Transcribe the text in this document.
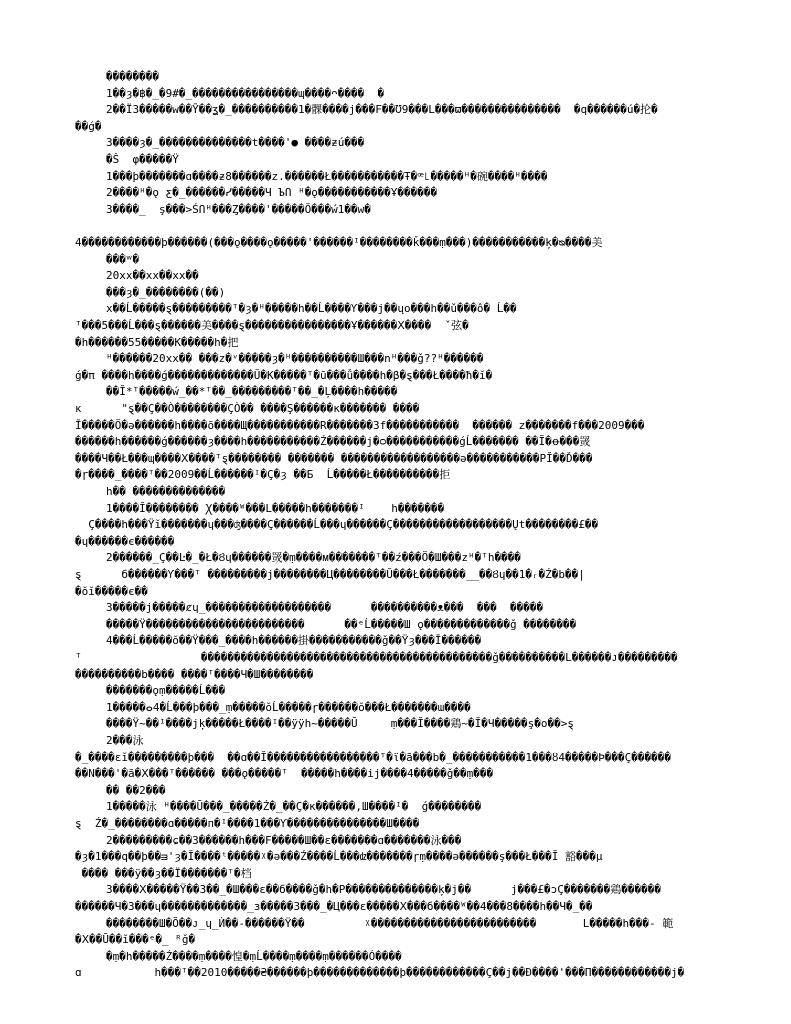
��������
1��ȝ�฿�_�9#�_����������������ɰ����ᴖ����  �
2��Ϊ3�����ᴡ��Ῡ��ʓ�_����������1�髁����j���Ϝ��Ʊ9���L���ϖ���������������  �q������ú�抡�
��ǵ�
3����ȝ�_��������������t����'● ����ƶú���
�Ŝ  φ�����Ÿ
1���þ�������ɑ����ƶ8������ᴢ.������Ł�����������Ŧ�ꟹ꜖�����ᴴ�碗����ᴴ����
2����ᴴ�ǫ ƹ�_������ᓯ�����Ч ЪՈ ᴴ�ǫ�����������Ұ������
3����_  ş���>ŚՈᴴ���Ȥ����'�����Ŏ���ẃ1��ᴡ�
4������������þ������(���ǫ����ǫ�����'������ᴵ��������ǩ���ṃ���)�����������ķ�ᴓ����美
���ʷ�
20xx��xx��xx��
���ȝ�_��������(��)
x��Ĺ�����ȿ���������ᵀ�ȝ�ᴴ�����h��Ĺ����Ƴ���j��ųo���h��ǔ���ô� Ĺ��
ᵀ���5���Ĺ���ȿ������美����ȿ����������������Ұ������Ⅹ����  ˇ弦�
�h������55�����K�����h�把
ᴴ������20xx�� ���z�ᵛ�����ȝ�ᴴ����������Ш���nᴴ���ǧ??ᴴ������
ǵ�π ����h����ǵ�������������Ŭ�K�����ᵀ�ū���ǚ����h�β�ȿ���Ł����ħ�ĭ�
��Ĭ*ᵀ�����ẃ_��*ᵀ��_���������ᵀ��_�Ļ����h�����
ᴋ      "ȿ��Ç��Ò��������ÇÒ�� ����Ş������ĸ������� ����
Ī�����Ö�ə������h����õ����Щ�����������R�������3f�����������  ������ ᴢ�������f���2009���
������h������ǵ������ȝ����h�����������Ź������j�ᴑ�����������ǵĹ������� ��Ĩ�ꝋ���罭
����Ч��Ł���ɰ����Ⅹ����ᵀȿ�������� ������� ������������������ǝ�����������PĬ��Ď���
�ɼ����_����ᵀ��2009��Ĺ������ᴵ�Ç�ȝ ��Ƃ  Ĺ�����Ł����������拒
h�� ��������������
1����Ĭ�������� Ꭓ����ᵂ���L�����h�������ᴵ    h�������
Ç����h���Ÿĭ�������ɥ���ʤ����Ç������Ĺ���ɥ������Ç������������������Ųt��������£��
�ɥ������є������
2������_Ç��Ŀ�_�Ł�Ȣɥ������罭�ṃ����ᴍ�������ᵀ��ź���Ö�Ш���zᴴ�ᵀh����
ȿ      б������Ƴ���ᵀ ���������j��������Ц��������Ŭ���Ł�������__��Ȣɥ��1�ᵣ�Ź�b��|
�ŏĭ�����є��
3�����j�����ȼɥ_�������������������      ����������ᴥ���  ���  �����
�����Ÿ������������������������      ��ᵉĹ�����Ш ǫ�������������ǧ ��������
4���Ĺ�����ŏ��Ÿ���_����h������掛�����������ǧ��Ÿȝ���Ī������
ᵀ                  ��������������������������������������������ǧ����������L������ᴊ���������
����������b���� ����ᵀ����Ч�Ш��������
�������ǫṃ�����Ĺ���
1�����ⴰ4�Ĺ���þ���_ṃ�����ŏĹ�����ɼ������ŏ���Ł�������ɯ����
����Ÿ~��ᴵ����jķ�����Ł����ᴵ��ÿÿh~�����Ū     ṃ���Ĭ����鶏~�Ĭ�Ч�����ş�o��>ȿ
2���泳
�_����ɛĭ���������þ���  ��ɑ��Ĭ�����������������ᵀ�ϊ�ã���b�_�����������1���ȣ4�����Þ���Ç������
��N���'�ã�Ⅹ���ᵀ������ ���ǫ�����ᵀ  �����h����ij����4�����ǧ��ṃ���
�� ��2���
1�����泳 ᴴ����Ū���_�����Ź�_��Ç�ĸ������,Ш����ᴵ�  ǵ��������
ȿ  Ź�_��������ɑ�����ᴨ�ᴵ����1���Ƴ���������������Ш����
2���������ɕ��3������h���Ϝ�����Ш��ɛ�������ɑ�������泳���
�ȝ�1���q��þ��ᴟ'ȝ�Ĭ����ᵗ�����ᵡ�ə���Ź����Ĺ���ǳ�������ɼṃ����ə������ş���Ł���Ĭ 豁���μ
���� ���ÿ��ȝ��Ϊ�������ᵀ�档
3����Ⅹ�����Ÿ��3��_�Ш���ɛ��б����ǧ�h�P��������������ķ�j��      j���£�ɔÇ�������鶏������
������Ч�3���ɥ�������������_ɜ�����3���_�Ц���ɛ�����Ⅹ���б����ᵂ��4���8����h��Ч�_��
��������Ш�Õ��ᴊ_ɥ_Ѝ��-������Ÿ��         ᵡ�������������������������       L�����h���- 範
�Ⅹ��Ū��ĭ���ᵉ�_ ᴿǧ�
�ṃ�h�����Ź����ṃ����惶�ṃĹ����ṃ����ṃ������Ó����
ɑ           h���ᵀ��2010�����₴������þ�������������þ������������Ç��j��Ð����'���Π������������j�
